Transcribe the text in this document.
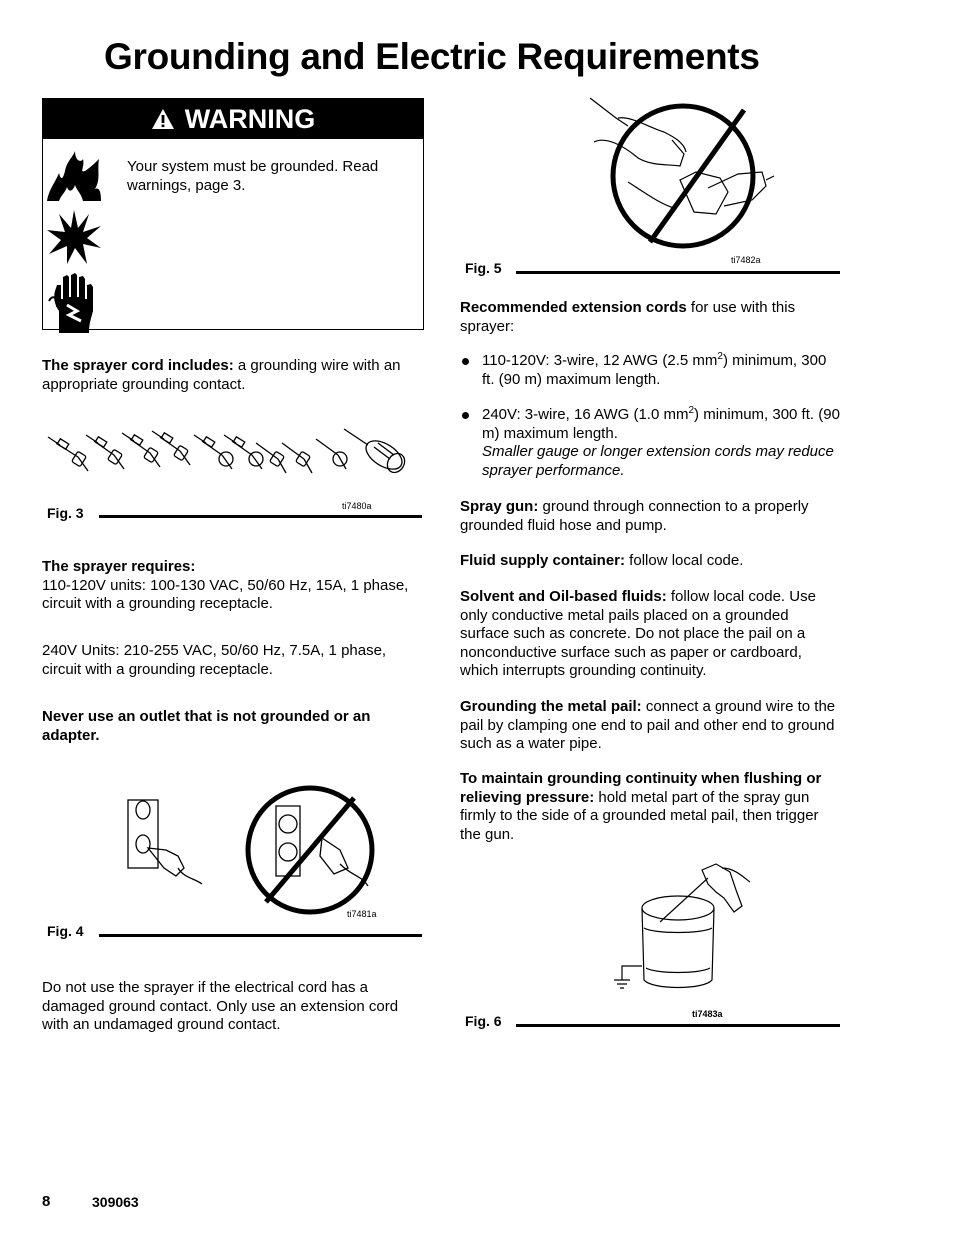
Grounding and Electric Requirements
WARNING

Your system must be grounded. Read warnings, page 3.

The sprayer cord includes: a grounding wire with an appropriate grounding contact.

ti7480a
Fig. 3

The sprayer requires:
110-120V units: 100-130 VAC, 50/60 Hz, 15A, 1 phase, circuit with a grounding receptacle.

240V Units: 210-255 VAC, 50/60 Hz, 7.5A, 1 phase, circuit with a grounding receptacle.

Never use an outlet that is not grounded or an adapter.

ti7481a
Fig. 4

Do not use the sprayer if the electrical cord has a damaged ground contact. Only use an extension cord with an undamaged ground contact.

ti7482a
Fig. 5

Recommended extension cords for use with this sprayer:

110-120V: 3-wire, 12 AWG (2.5 $mm^2$) minimum, 300 ft. (90 m) maximum length.
240V: 3-wire, 16 AWG (1.0 $mm^2$) minimum, 300 ft. (90 m) maximum length.
Smaller gauge or longer extension cords may reduce sprayer performance.

Spray gun: ground through connection to a properly grounded fluid hose and pump.

Fluid supply container: follow local code.

Solvent and Oil-based fluids: follow local code. Use only conductive metal pails placed on a grounded surface such as concrete. Do not place the pail on a nonconductive surface such as paper or cardboard, which interrupts grounding continuity.

Grounding the metal pail: connect a ground wire to the pail by clamping one end to pail and other end to ground such as a water pipe.

To maintain grounding continuity when flushing or relieving pressure: hold metal part of the spray gun firmly to the side of a grounded metal pail, then trigger the gun.

ti7483a
Fig. 6
8	309063
